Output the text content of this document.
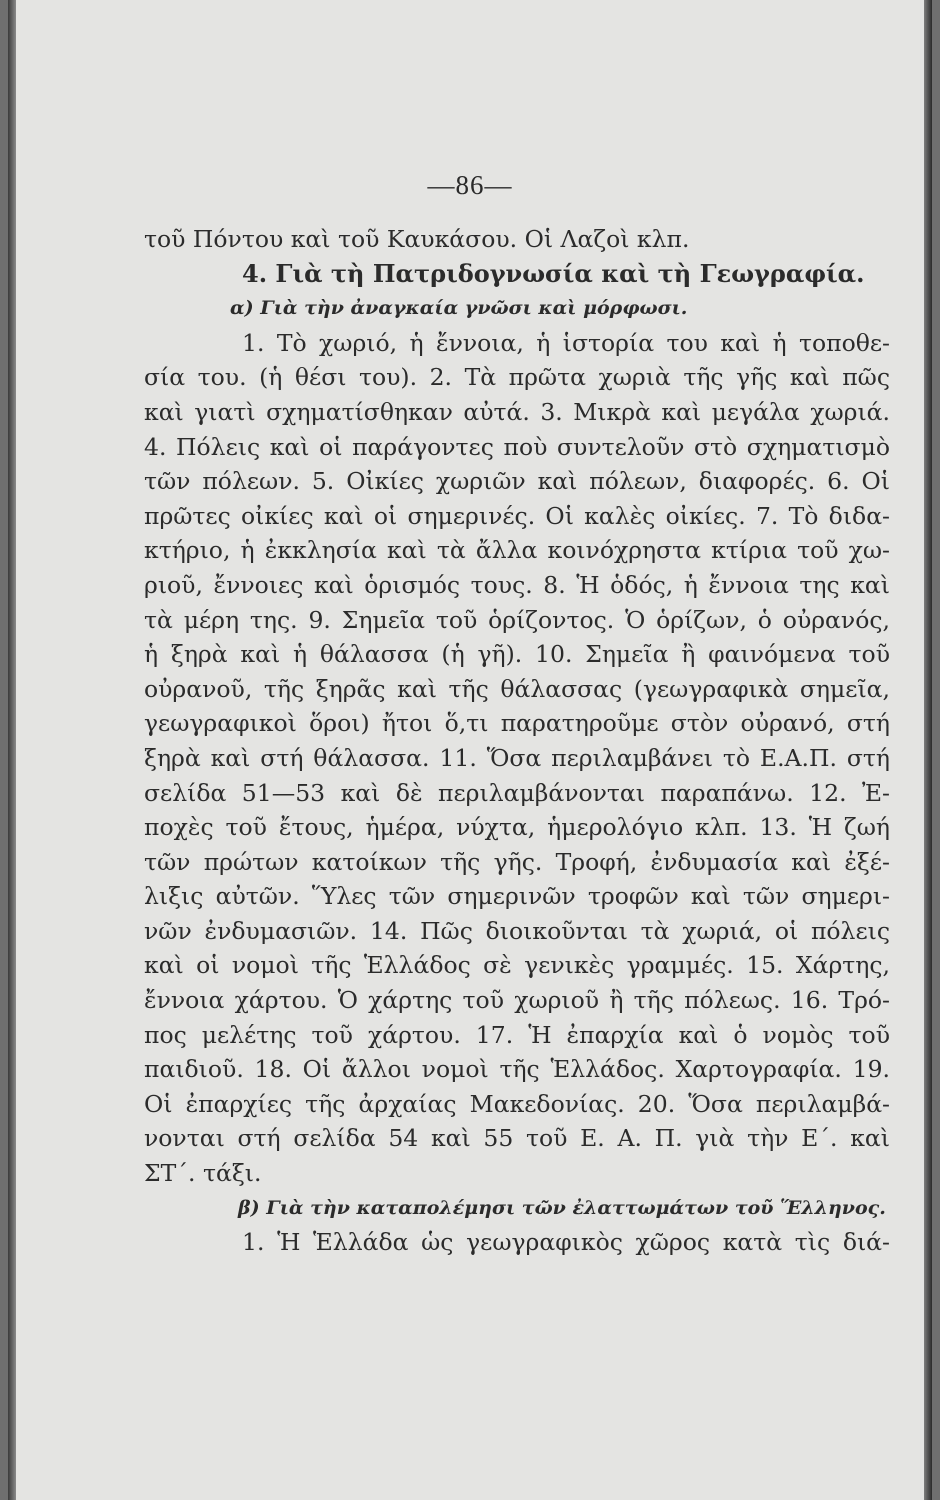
—86—
τοῦ Πόντου καὶ τοῦ Καυκάσου. Οἱ Λαζοὶ κλπ.
4. Γιὰ τὴ Πατριδογνωσία καὶ τὴ Γεωγραφία.
α) Γιὰ τὴν ἀναγκαία γνῶσι καὶ μόρφωσι.
1. Τὸ χωριό, ἡ ἔννοια, ἡ ἱστορία του καὶ ἡ τοποθε-
σία του. (ἡ θέσι του). 2. Τὰ πρῶτα χωριὰ τῆς γῆς καὶ πῶς
καὶ γιατὶ σχηματίσθηκαν αὐτά. 3. Μικρὰ καὶ μεγάλα χωριά.
4. Πόλεις καὶ οἱ παράγοντες ποὺ συντελοῦν στὸ σχηματισμὸ
τῶν πόλεων. 5. Οἰκίες χωριῶν καὶ πόλεων, διαφορές. 6. Οἱ
πρῶτες οἰκίες καὶ οἱ σημερινές. Οἱ καλὲς οἰκίες. 7. Τὸ διδα-
κτήριο, ἡ ἐκκλησία καὶ τὰ ἄλλα κοινόχρηστα κτίρια τοῦ χω-
ριοῦ, ἔννοιες καὶ ὁρισμός τους. 8. Ἡ ὁδός, ἡ ἔννοια της καὶ
τὰ μέρη της. 9. Σημεῖα τοῦ ὁρίζοντος. Ὁ ὁρίζων, ὁ οὐρανός,
ἡ ξηρὰ καὶ ἡ θάλασσα (ἡ γῆ). 10. Σημεῖα ἢ φαινόμενα τοῦ
οὐρανοῦ, τῆς ξηρᾶς καὶ τῆς θάλασσας (γεωγραφικὰ σημεῖα,
γεωγραφικοὶ ὅροι) ἤτοι ὅ,τι παρατηροῦμε στὸν οὐρανό, στή
ξηρὰ καὶ στή θάλασσα. 11. Ὅσα περιλαμβάνει τὸ Ε.Α.Π. στή
σελίδα 51—53 καὶ δὲ περιλαμβάνονται παραπάνω. 12. Ἐ-
ποχὲς τοῦ ἔτους, ἡμέρα, νύχτα, ἡμερολόγιο κλπ. 13. Ἡ ζωή
τῶν πρώτων κατοίκων τῆς γῆς. Τροφή, ἐνδυμασία καὶ ἐξέ-
λιξις αὐτῶν. Ὕλες τῶν σημερινῶν τροφῶν καὶ τῶν σημερι-
νῶν ἐνδυμασιῶν. 14. Πῶς διοικοῦνται τὰ χωριά, οἱ πόλεις
καὶ οἱ νομοὶ τῆς Ἑλλάδος σὲ γενικὲς γραμμές. 15. Χάρτης,
ἔννοια χάρτου. Ὁ χάρτης τοῦ χωριοῦ ἢ τῆς πόλεως. 16. Τρό-
πος μελέτης τοῦ χάρτου. 17. Ἡ ἐπαρχία καὶ ὁ νομὸς τοῦ
παιδιοῦ. 18. Οἱ ἄλλοι νομοὶ τῆς Ἑλλάδος. Χαρτογραφία. 19.
Οἱ ἐπαρχίες τῆς ἀρχαίας Μακεδονίας. 20. Ὅσα περιλαμβά-
νονται στή σελίδα 54 καὶ 55 τοῦ Ε. Α. Π. γιὰ τὴν Ε΄. καὶ
ΣΤ΄. τάξι.
β) Γιὰ τὴν καταπολέμησι τῶν ἐλαττωμάτων τοῦ Ἕλληνος.
1. Ἡ Ἑλλάδα ὡς γεωγραφικὸς χῶρος κατὰ τὶς διά-
